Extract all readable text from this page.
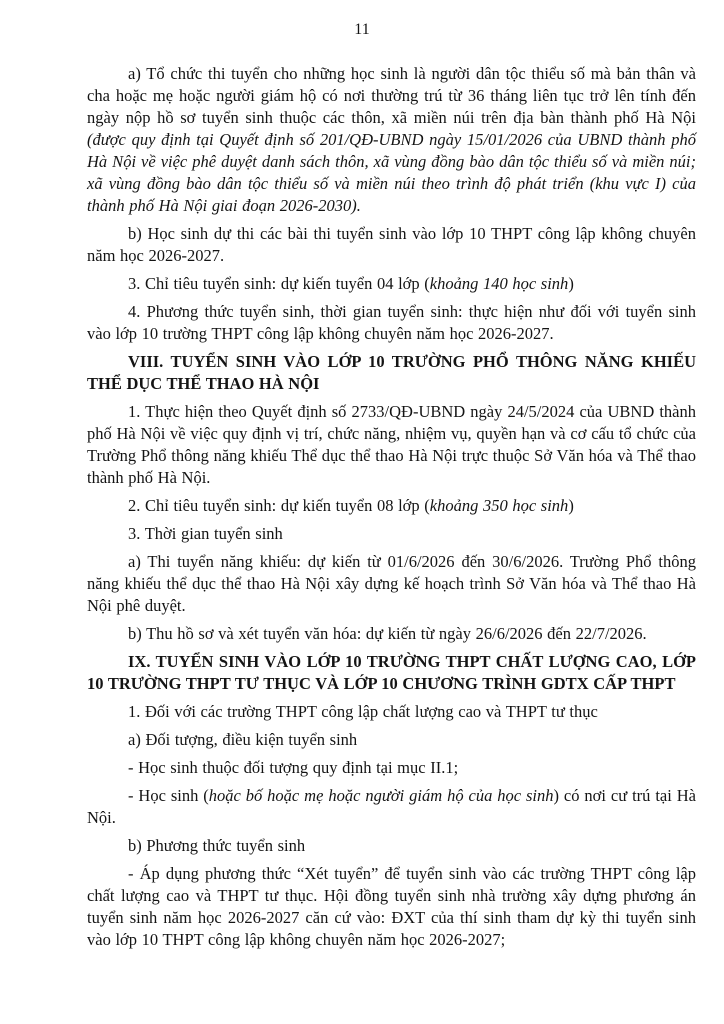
11

a) Tổ chức thi tuyển cho những học sinh là người dân tộc thiểu số mà bản thân và cha hoặc mẹ hoặc người giám hộ có nơi thường trú từ 36 tháng liên tục trở lên tính đến ngày nộp hồ sơ tuyển sinh thuộc các thôn, xã miền núi trên địa bàn thành phố Hà Nội (được quy định tại Quyết định số 201/QĐ-UBND ngày 15/01/2026 của UBND thành phố Hà Nội về việc phê duyệt danh sách thôn, xã vùng đồng bào dân tộc thiểu số và miền núi; xã vùng đồng bào dân tộc thiểu số và miền núi theo trình độ phát triển (khu vực I) của thành phố Hà Nội giai đoạn 2026-2030).

b) Học sinh dự thi các bài thi tuyển sinh vào lớp 10 THPT công lập không chuyên năm học 2026-2027.

3. Chỉ tiêu tuyển sinh: dự kiến tuyển 04 lớp (khoảng 140 học sinh)

4. Phương thức tuyển sinh, thời gian tuyển sinh: thực hiện như đối với tuyển sinh vào lớp 10 trường THPT công lập không chuyên năm học 2026-2027.

VIII. TUYỂN SINH VÀO LỚP 10 TRƯỜNG PHỔ THÔNG NĂNG KHIẾU THỂ DỤC THỂ THAO HÀ NỘI

1. Thực hiện theo Quyết định số 2733/QĐ-UBND ngày 24/5/2024 của UBND thành phố Hà Nội về việc quy định vị trí, chức năng, nhiệm vụ, quyền hạn và cơ cấu tổ chức của Trường Phổ thông năng khiếu Thể dục thể thao Hà Nội trực thuộc Sở Văn hóa và Thể thao thành phố Hà Nội.

2. Chỉ tiêu tuyển sinh: dự kiến tuyển 08 lớp (khoảng 350 học sinh)

3. Thời gian tuyển sinh

a) Thi tuyển năng khiếu: dự kiến từ 01/6/2026 đến 30/6/2026. Trường Phổ thông năng khiếu thể dục thể thao Hà Nội xây dựng kế hoạch trình Sở Văn hóa và Thể thao Hà Nội phê duyệt.

b) Thu hồ sơ và xét tuyển văn hóa: dự kiến từ ngày 26/6/2026 đến 22/7/2026.

IX. TUYỂN SINH VÀO LỚP 10 TRƯỜNG THPT CHẤT LƯỢNG CAO, LỚP 10 TRƯỜNG THPT TƯ THỤC VÀ LỚP 10 CHƯƠNG TRÌNH GDTX CẤP THPT

1. Đối với các trường THPT công lập chất lượng cao và THPT tư thục

a) Đối tượng, điều kiện tuyển sinh

- Học sinh thuộc đối tượng quy định tại mục II.1;

- Học sinh (hoặc bố hoặc mẹ hoặc người giám hộ của học sinh) có nơi cư trú tại Hà Nội.

b) Phương thức tuyển sinh

- Áp dụng phương thức “Xét tuyển” để tuyển sinh vào các trường THPT công lập chất lượng cao và THPT tư thục. Hội đồng tuyển sinh nhà trường xây dựng phương án tuyển sinh năm học 2026-2027 căn cứ vào: ĐXT của thí sinh tham dự kỳ thi tuyển sinh vào lớp 10 THPT công lập không chuyên năm học 2026-2027;
